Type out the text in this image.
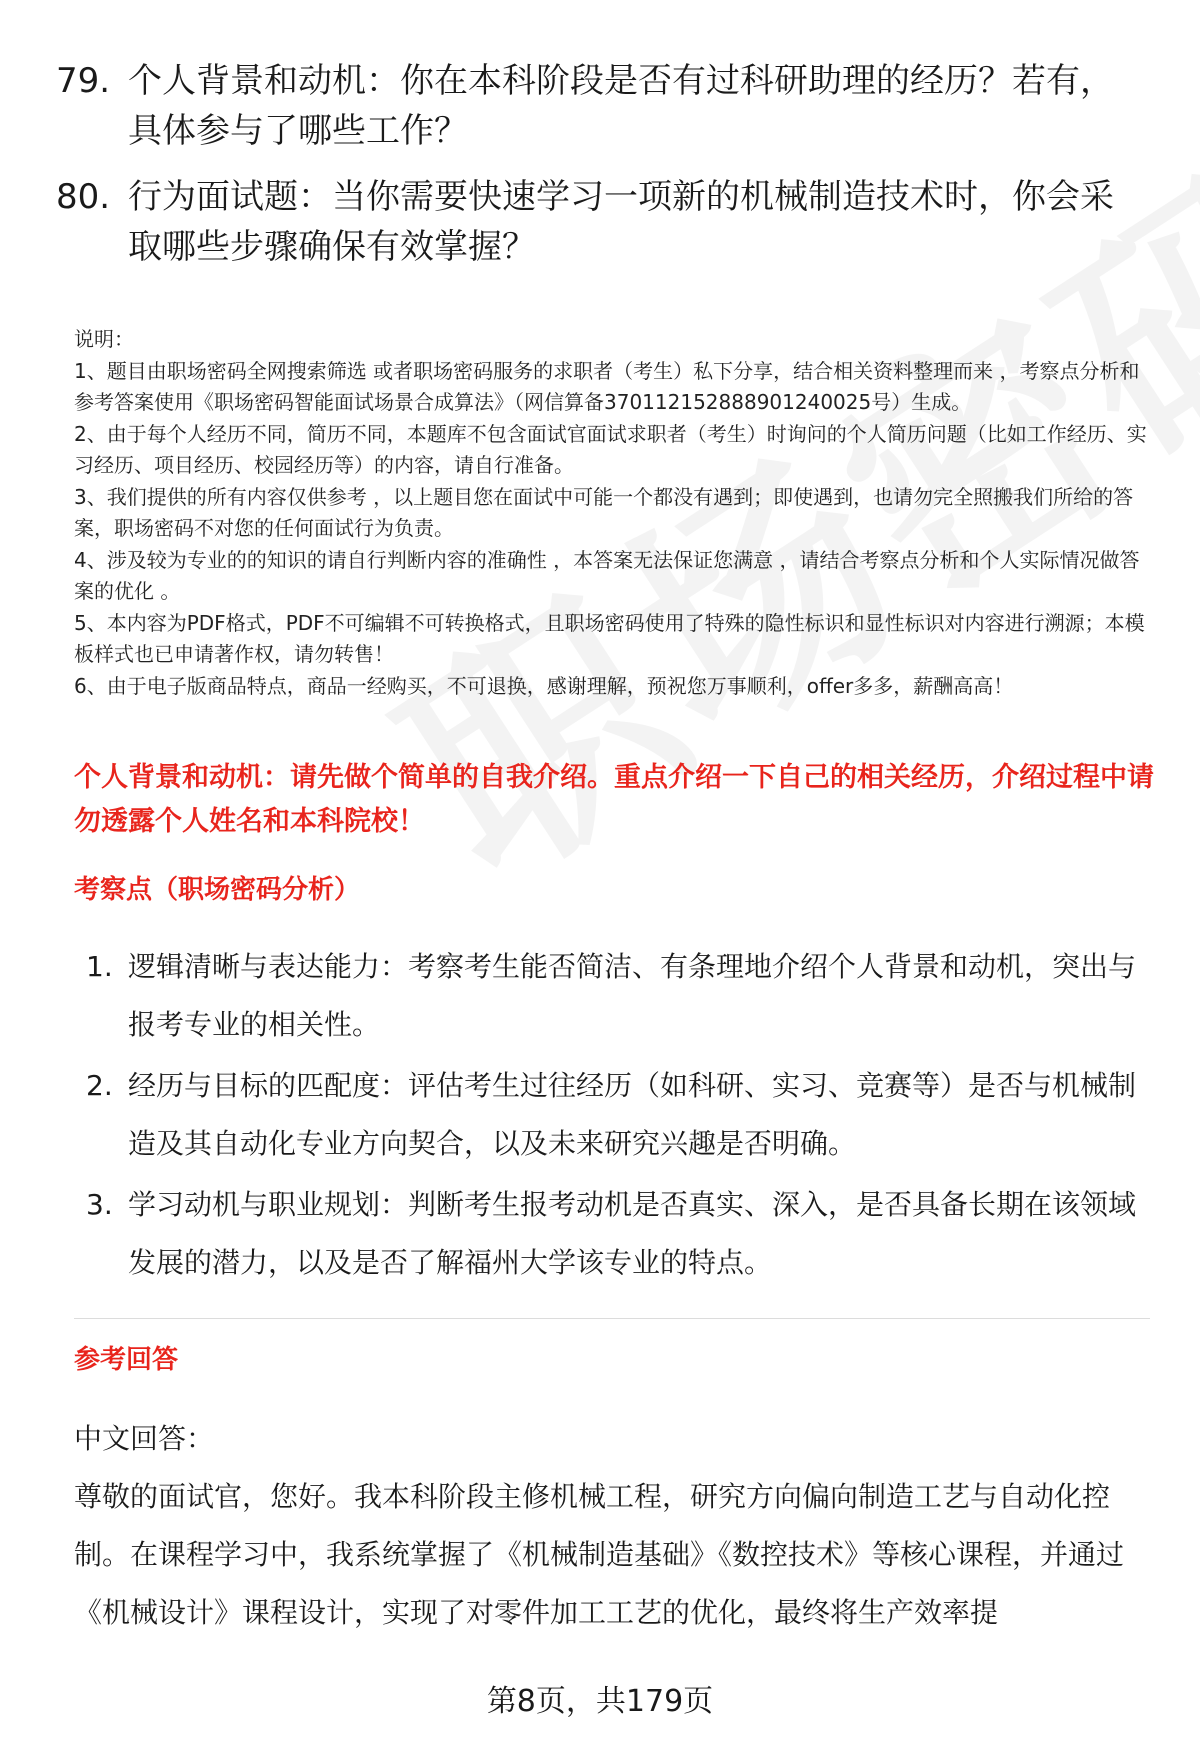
79. 个人背景和动机：你在本科阶段是否有过科研助理的经历？若有，具体参与了哪些工作？
80. 行为面试题：当你需要快速学习一项新的机械制造技术时，你会采取哪些步骤确保有效掌握？
说明：
1、题目由职场密码全网搜索筛选 或者职场密码服务的求职者（考生）私下分享，结合相关资料整理而来 ，考察点分析和参考答案使用《职场密码智能面试场景合成算法》（网信算备370112152888901240025号）生成。
2、由于每个人经历不同，简历不同，本题库不包含面试官面试求职者（考生）时询问的个人简历问题（比如工作经历、实习经历、项目经历、校园经历等）的内容，请自行准备。
3、我们提供的所有内容仅供参考 ，以上题目您在面试中可能一个都没有遇到；即使遇到，也请勿完全照搬我们所给的答案，职场密码不对您的任何面试行为负责。
4、涉及较为专业的的知识的请自行判断内容的准确性 ，本答案无法保证您满意 ，请结合考察点分析和个人实际情况做答案的优化 。
5、本内容为PDF格式，PDF不可编辑不可转换格式，且职场密码使用了特殊的隐性标识和显性标识对内容进行溯源；本模板样式也已申请著作权，请勿转售！
6、由于电子版商品特点，商品一经购买，不可退换，感谢理解，预祝您万事顺利，offer多多，薪酬高高！
个人背景和动机：请先做个简单的自我介绍。重点介绍一下自己的相关经历，介绍过程中请勿透露个人姓名和本科院校！
考察点（职场密码分析）
1. 逻辑清晰与表达能力：考察考生能否简洁、有条理地介绍个人背景和动机，突出与报考专业的相关性。
2. 经历与目标的匹配度：评估考生过往经历（如科研、实习、竞赛等）是否与机械制造及其自动化专业方向契合，以及未来研究兴趣是否明确。
3. 学习动机与职业规划：判断考生报考动机是否真实、深入，是否具备长期在该领域发展的潜力，以及是否了解福州大学该专业的特点。
参考回答
中文回答：
尊敬的面试官，您好。我本科阶段主修机械工程，研究方向偏向制造工艺与自动化控制。在课程学习中，我系统掌握了《机械制造基础》《数控技术》等核心课程，并通过《机械设计》课程设计，实现了对零件加工工艺的优化，最终将生产效率提
第8页，共179页
